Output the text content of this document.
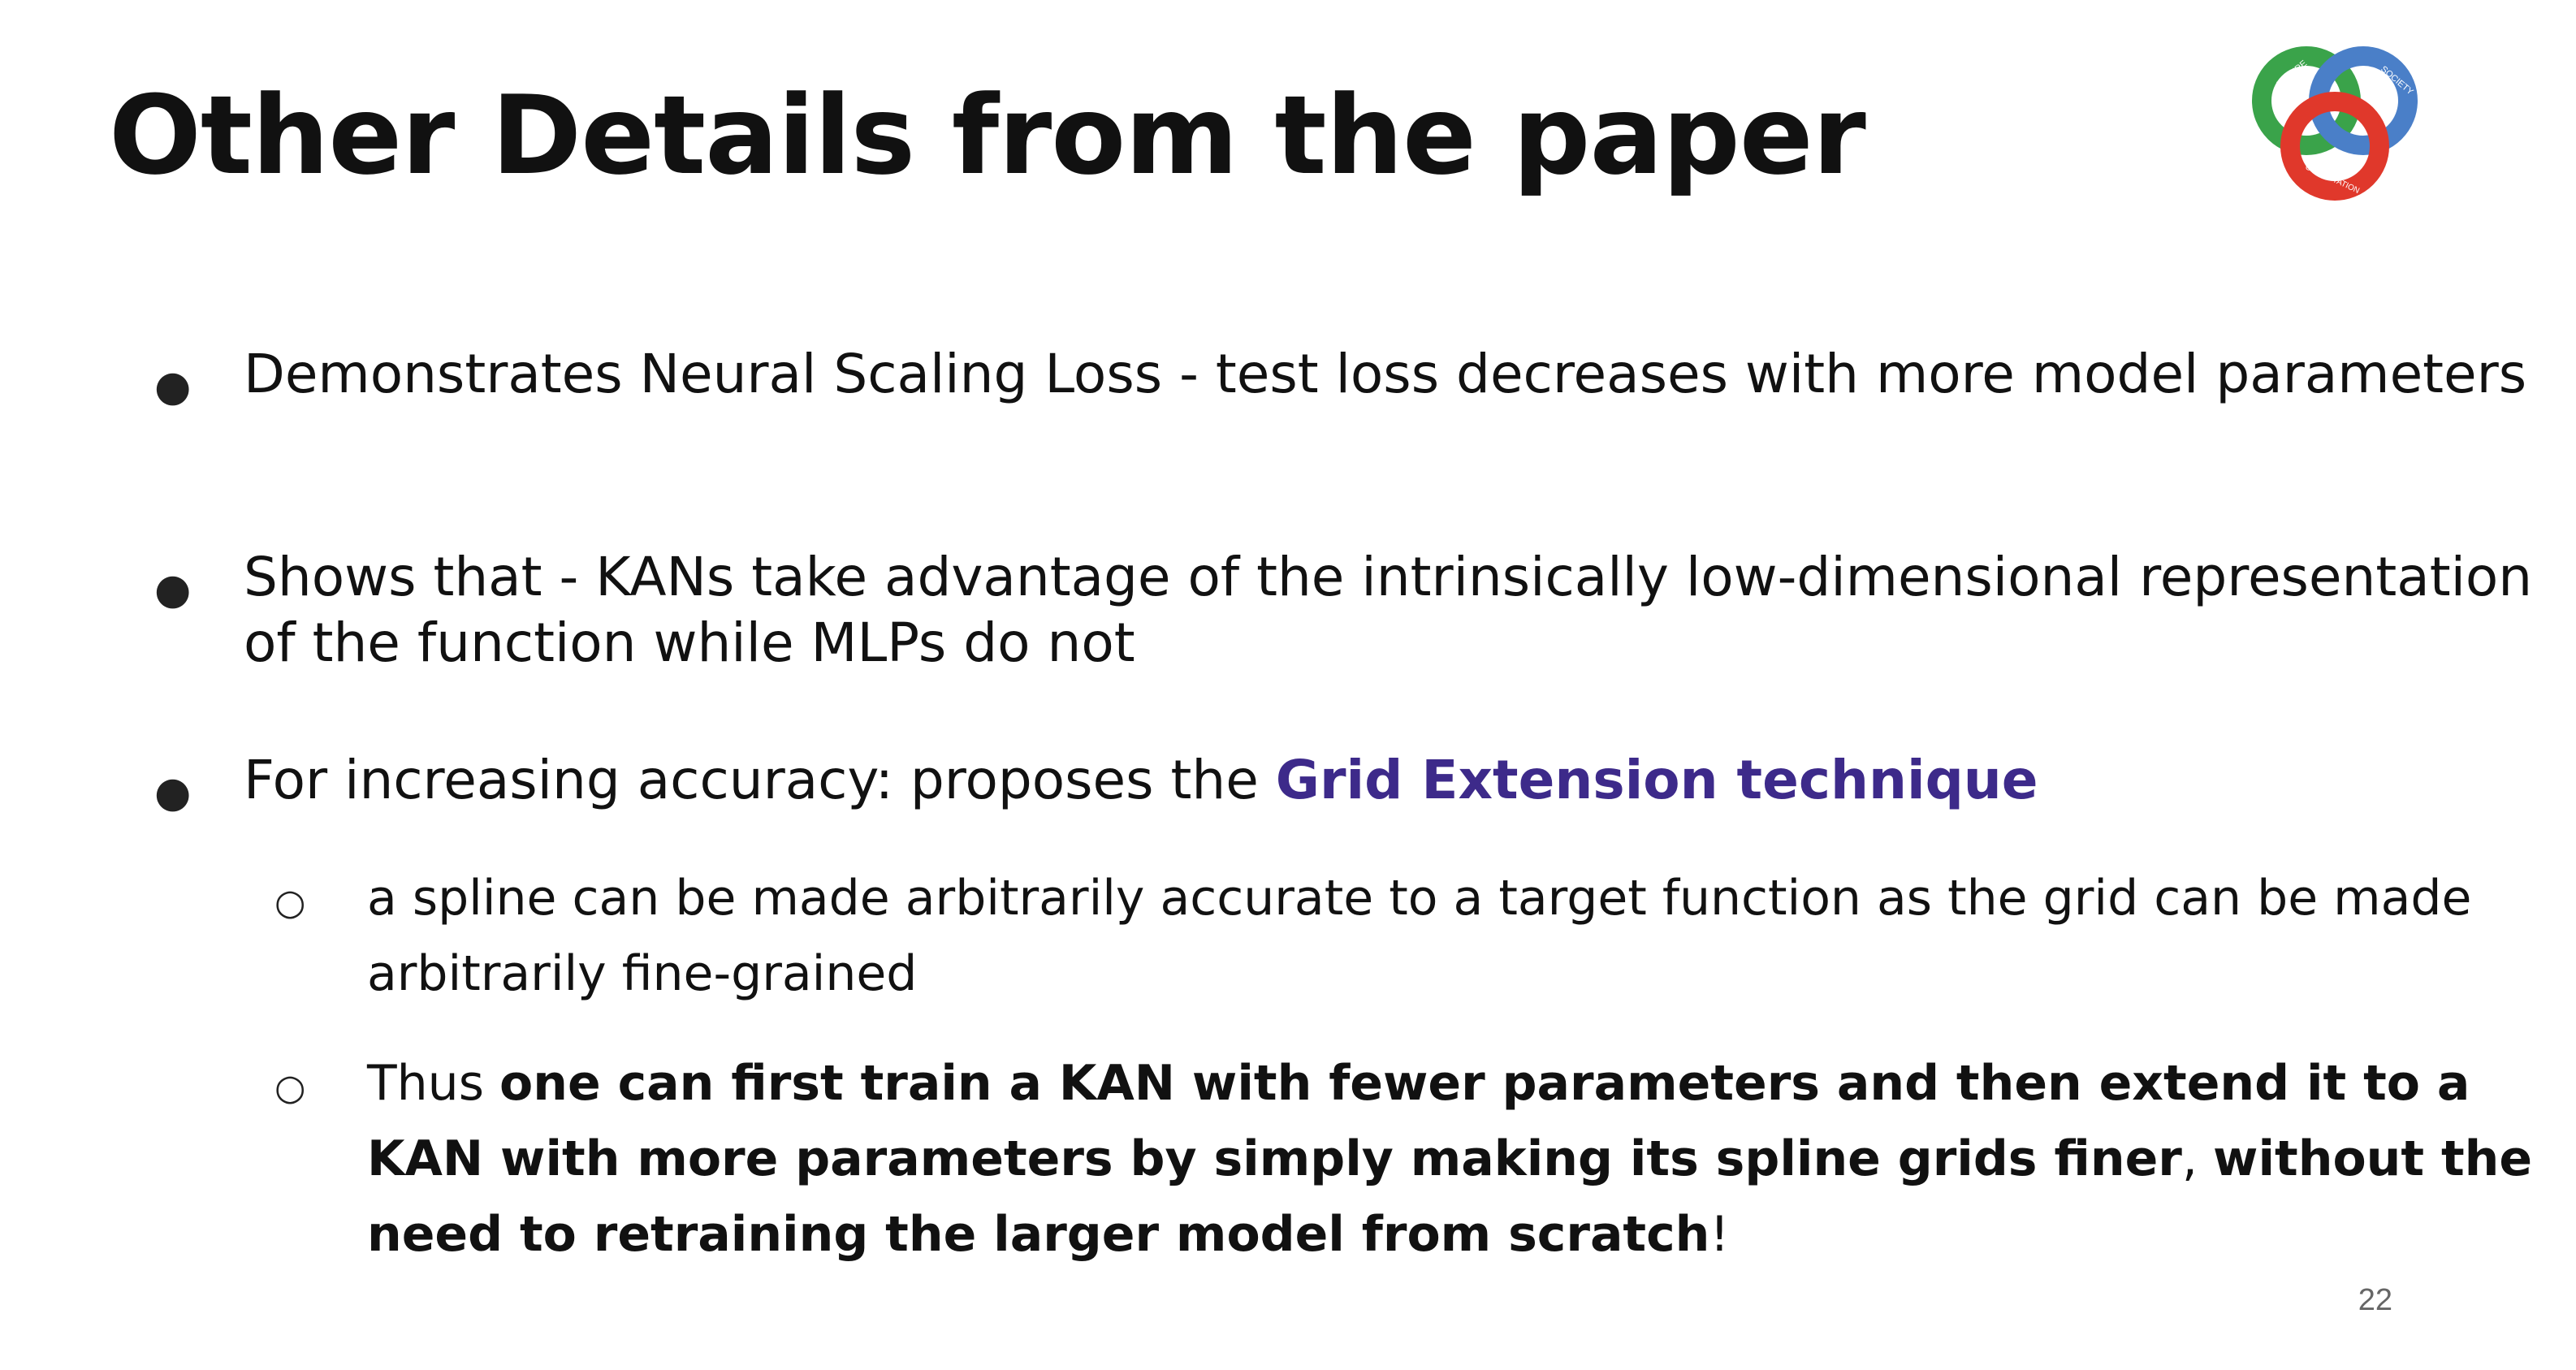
Other Details from the paper	NATURE	SOCIETY
COMPUTATION
● Demonstrates Neural Scaling Loss - test loss decreases with more model parameters
● Shows that - KANs take advantage of the intrinsically low-dimensional representation of the function while MLPs do not
● For increasing accuracy: proposes the Grid Extension technique
○ a spline can be made arbitrarily accurate to a target function as the grid can be made arbitrarily fine-grained
○ Thus one can first train a KAN with fewer parameters and then extend it to a KAN with more parameters by simply making its spline grids finer, without the need to retraining the larger model from scratch!
22
